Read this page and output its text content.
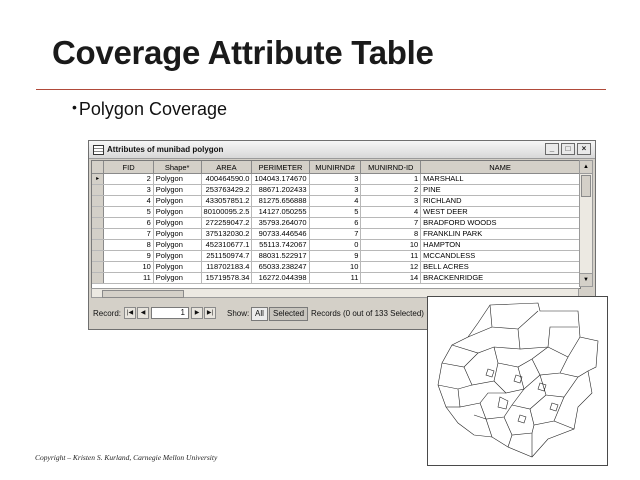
Coverage Attribute Table
• Polygon Coverage
Attributes of munibad polygon	_	□	×
	FID	Shape*	AREA	PERIMETER	MUNIRND#	MUNIRND-ID	NAME
▸	2	Polygon	400464590.0	104043.174670	3	1	MARSHALL
	3	Polygon	253763429.2	88671.202433	3	2	PINE
	4	Polygon	433057851.2	81275.656888	4	3	RICHLAND
	5	Polygon	80100095.2.5	14127.050255	5	4	WEST DEER
	6	Polygon	272259047.2	35793.264070	6	7	BRADFORD WOODS
	7	Polygon	375132030.2	90733.446546	7	8	FRANKLIN PARK
	8	Polygon	452310677.1	55113.742067	0	10	HAMPTON
	9	Polygon	251150974.7	88031.522917	9	11	MCCANDLESS
	10	Polygon	118702183.4	65033.238247	10	12	BELL ACRES
	11	Polygon	15719578.34	16272.044398	11	14	BRACKENRIDGE
▲
▼
Record: |◀	◀	1	▶	▶|	Show: All	Selected Records (0 out of 133 Selected)
Copyright – Kristen S. Kurland, Carnegie Mellon University
